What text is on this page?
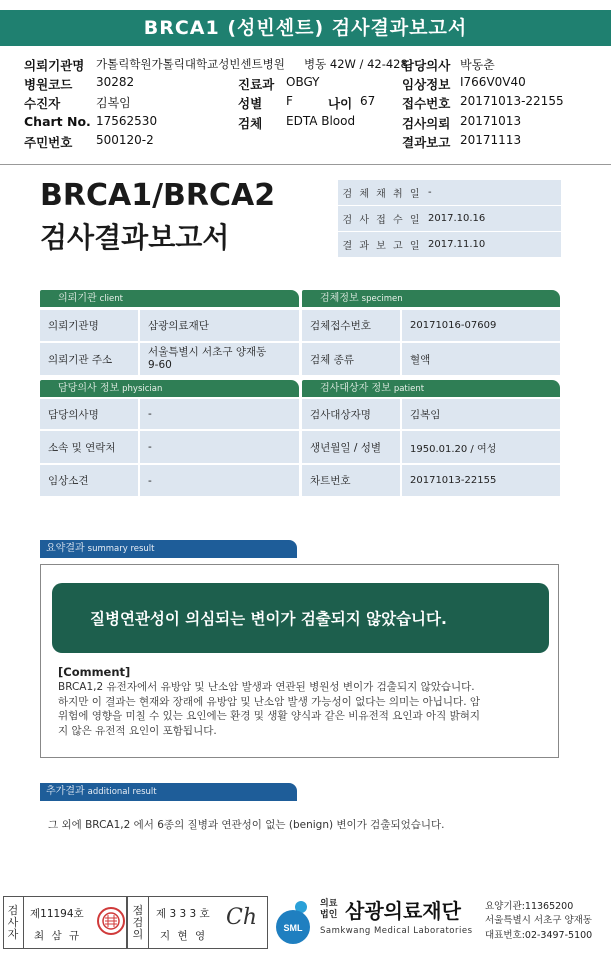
BRCA1 (성빈센트) 검사결과보고서
의뢰기관명 가톨릭학원가톨릭대학교성빈센트병원 병동 42W / 42-428
병원코드 30282
수진자	김복임
Chart No. 17562530
주민번호 500120-2
진료과 OBGY
성별 F	나이 67
검체 EDTA Blood
담당의사 박동춘
임상정보 I766V0V40
접수번호 20171013-22155
검사의뢰 20171013
결과보고 20171113
BRCA1/BRCA2
검사결과보고서
검 체 채 취 일 -
검 사 접 수 일 2017.10.16
결 과 보 고 일 2017.11.10
의뢰기관 client
의뢰기관명	삼광의료재단
의뢰기관 주소
서울특별시 서초구 양재동
9-60
검체정보 specimen
검체접수번호	20171016-07609
검체 종류	혈액
담당의사 정보 physician
담당의사명	-
소속 및 연락처	-
임상소견	-
검사대상자 정보 patient
검사대상자명	김복임
생년월일 / 성별	1950.01.20 / 여성
차트번호	20171013-22155
요약결과 summary result
질병연관성이 의심되는 변이가 검출되지 않았습니다.
[Comment]
BRCA1,2 유전자에서 유방암 및 난소암 발생과 연관된 병원성 변이가 검출되지 않았습니다.
하지만 이 결과는 현재와 장래에 유방암 및 난소암 발생 가능성이 없다는 의미는 아닙니다. 암
위험에 영향을 미칠 수 있는 요인에는 환경 및 생활 양식과 같은 비유전적 요인과 아직 밝혀지
지 않은 유전적 요인이 포함됩니다.
추가결과 additional result
그 외에 BRCA1,2 에서 6종의 질병과 연관성이 없는 (benign) 변이가 검출되었습니다.
검사자
제11194호
최 삼 규
점검의
제 3 3 3 호
지 현 영
Ch	SML
의료
법인 삼광의료재단
Samkwang Medical Laboratories
요양기관:11365200
서울특별시 서초구 양재동
대표번호:02-3497-5100
